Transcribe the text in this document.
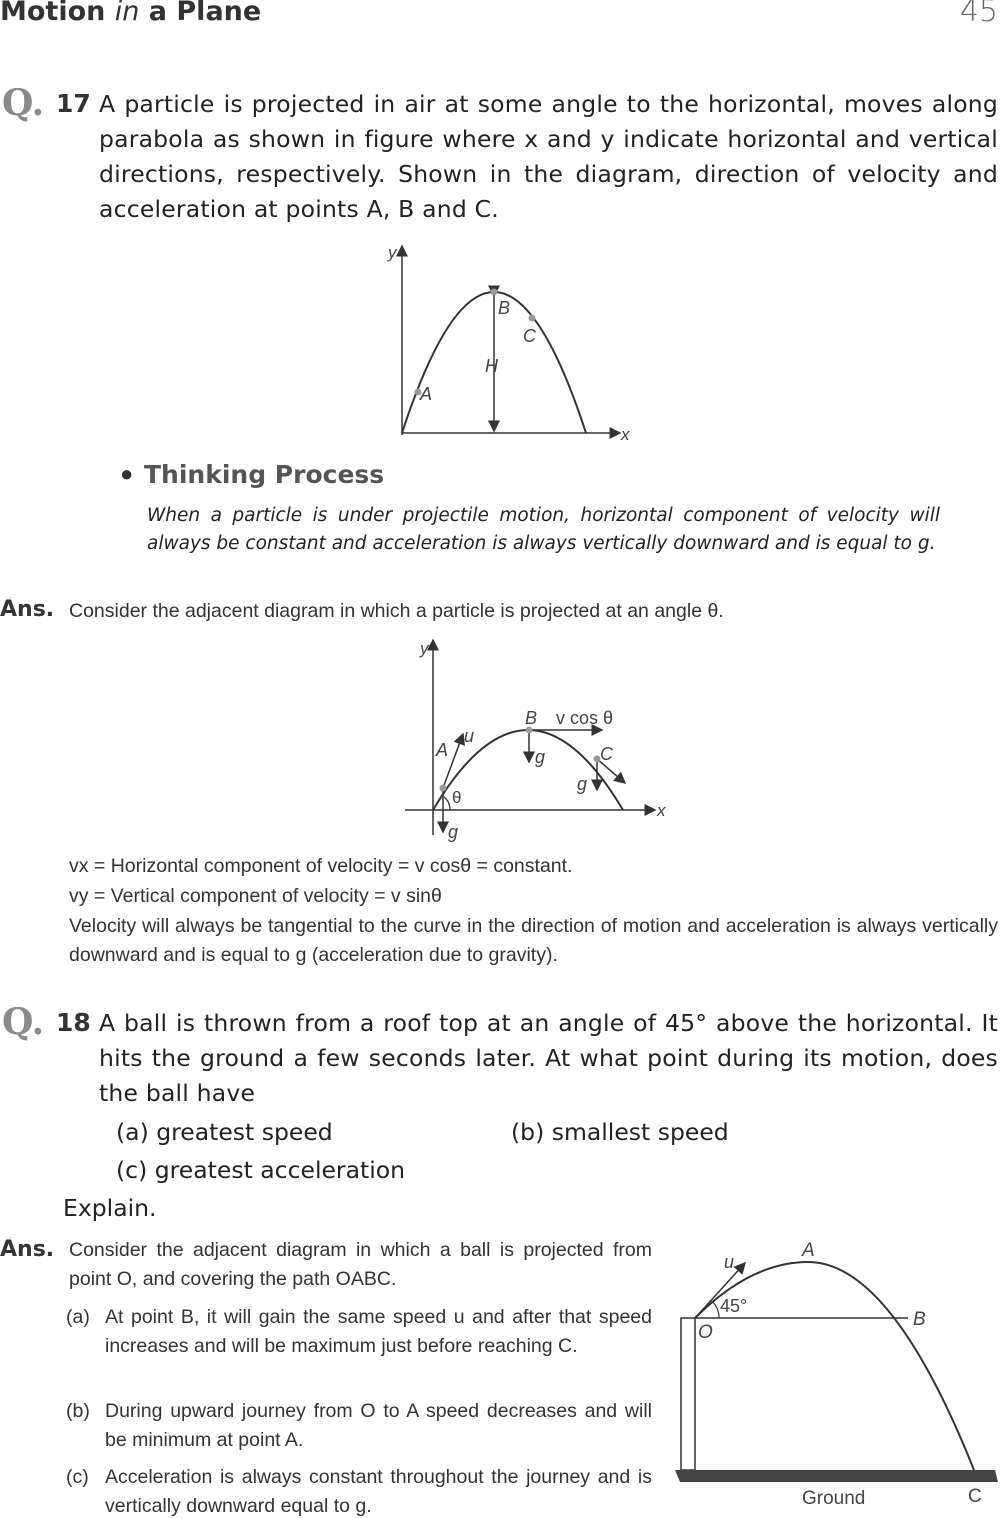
Motion in a Plane	45
Q. 17 A particle is projected in air at some angle to the horizontal, moves along parabola as shown in figure where x and y indicate horizontal and vertical directions, respectively. Shown in the diagram, direction of velocity and acceleration at points A, B and C.
y
x
B
C
H
A
y
x
A
u
B v cos θ
g	C
g
θ
g
u
A
45°
O
B
Ground	C
● Thinking Process
When a particle is under projectile motion, horizontal component of velocity will always be constant and acceleration is always vertically downward and is equal to g.
Ans. Consider the adjacent diagram in which a particle is projected at an angle θ.
vx = Horizontal component of velocity = v cosθ = constant.
vy = Vertical component of velocity = v sinθ
Velocity will always be tangential to the curve in the direction of motion and acceleration is always vertically downward and is equal to g (acceleration due to gravity).
Q. 18 A ball is thrown from a roof top at an angle of 45° above the horizontal. It hits the ground a few seconds later. At what point during its motion, does the ball have
(a) greatest speed	(b) smallest speed
(c) greatest acceleration
Explain.
Ans. Consider the adjacent diagram in which a ball is projected from point O, and covering the path OABC.
(a) At point B, it will gain the same speed u and after that speed increases and will be maximum just before reaching C.
(b) During upward journey from O to A speed decreases and will be minimum at point A.
(c) Acceleration is always constant throughout the journey and is vertically downward equal to g.
